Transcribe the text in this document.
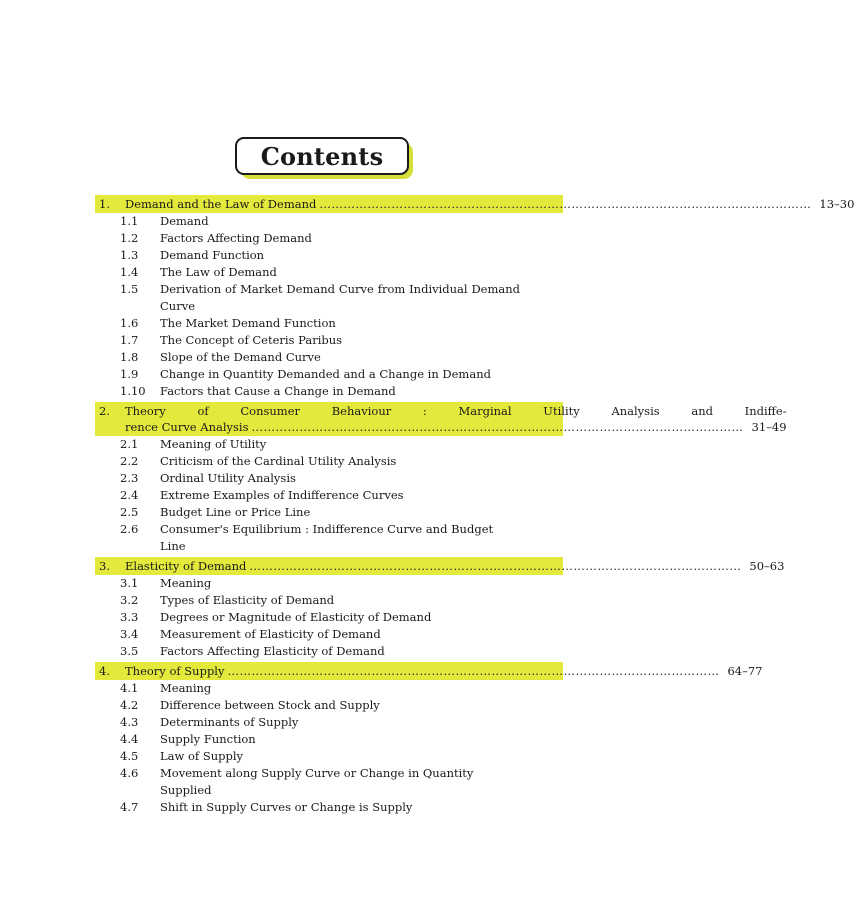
Contents
1.	Demand and the Law of Demand …………………………………………………………………………………………………………… 13–30
1.1	Demand
1.2	Factors Affecting Demand
1.3	Demand Function
1.4	The Law of Demand
1.5	Derivation of Market Demand Curve from Individual Demand Curve
1.6	The Market Demand Function
1.7	The Concept of Ceteris Paribus
1.8	Slope of the Demand Curve
1.9	Change in Quantity Demanded and a Change in Demand
1.10	Factors that Cause a Change in Demand
2.	Theory of Consumer Behaviour : Marginal Utility Analysis and Indiffe-
rence Curve Analysis …………………………………………………………………………………………………………… 31–49
2.1	Meaning of Utility
2.2	Criticism of the Cardinal Utility Analysis
2.3	Ordinal Utility Analysis
2.4	Extreme Examples of Indifference Curves
2.5	Budget Line or Price Line
2.6	Consumer's Equilibrium : Indifference Curve and Budget Line
3.	Elasticity of Demand …………………………………………………………………………………………………………… 50–63
3.1	Meaning
3.2	Types of Elasticity of Demand
3.3	Degrees or Magnitude of Elasticity of Demand
3.4	Measurement of Elasticity of Demand
3.5	Factors Affecting Elasticity of Demand
4.	Theory of Supply …………………………………………………………………………………………………………… 64–77
4.1	Meaning
4.2	Difference between Stock and Supply
4.3	Determinants of Supply
4.4	Supply Function
4.5	Law of Supply
4.6	Movement along Supply Curve or Change in Quantity Supplied
4.7	Shift in Supply Curves or Change is Supply
